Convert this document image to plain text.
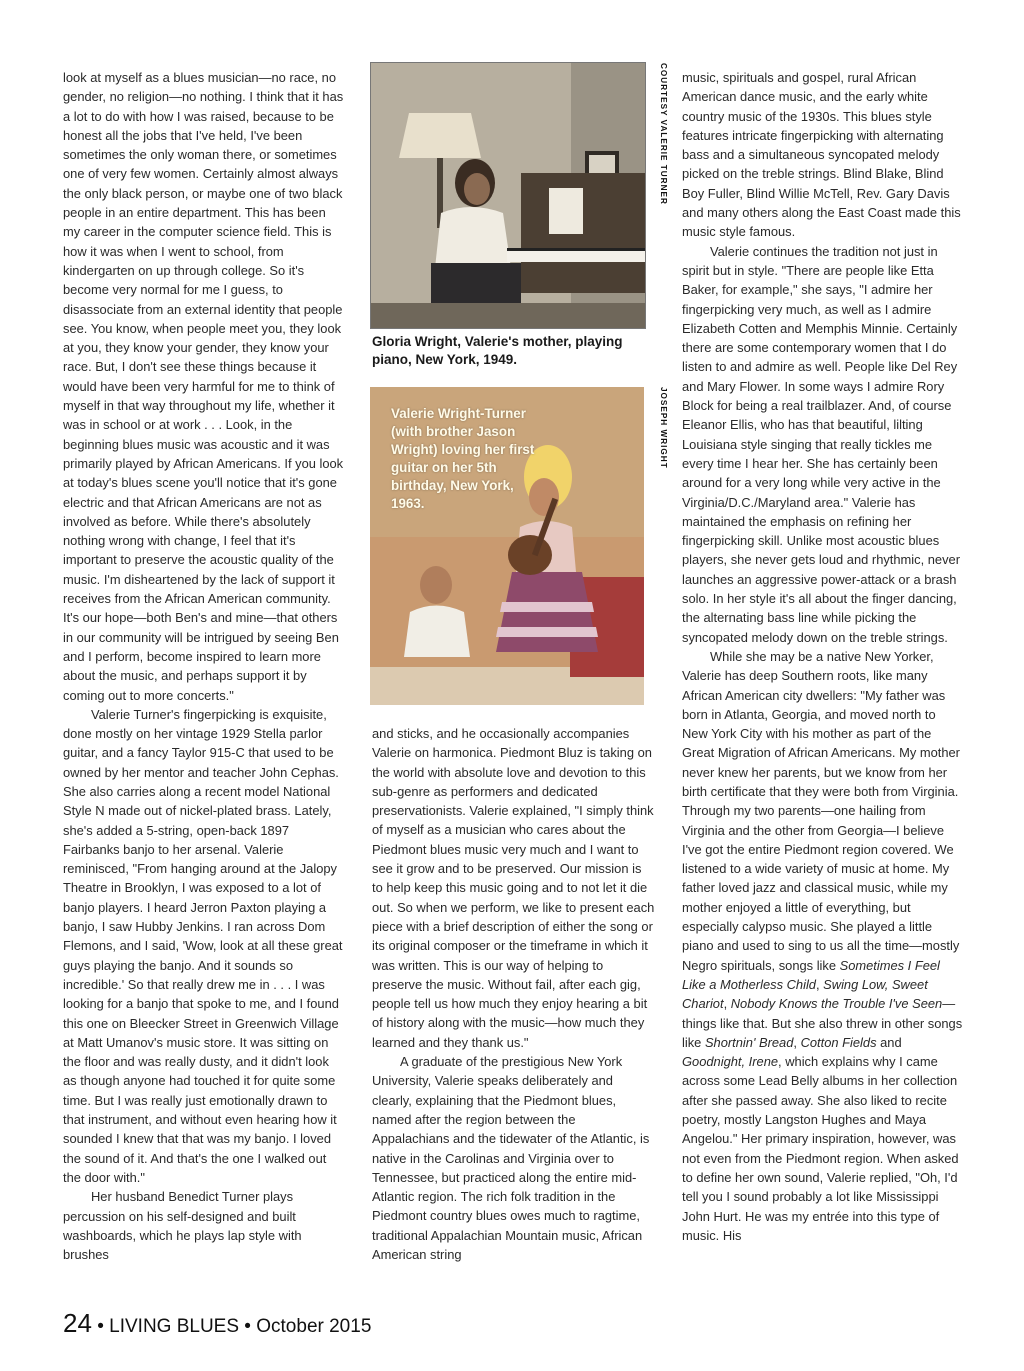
look at myself as a blues musician—no race, no gender, no religion—no nothing. I think that it has a lot to do with how I was raised, because to be honest all the jobs that I've held, I've been sometimes the only woman there, or sometimes one of very few women. Certainly almost always the only black person, or maybe one of two black people in an entire department. This has been my career in the computer science field. This is how it was when I went to school, from kindergarten on up through college. So it's become very normal for me I guess, to disassociate from an external identity that people see. You know, when people meet you, they look at you, they know your gender, they know your race. But, I don't see these things because it would have been very harmful for me to think of myself in that way throughout my life, whether it was in school or at work . . . Look, in the beginning blues music was acoustic and it was primarily played by African Americans. If you look at today's blues scene you'll notice that it's gone electric and that African Americans are not as involved as before. While there's absolutely nothing wrong with change, I feel that it's important to preserve the acoustic quality of the music. I'm disheartened by the lack of support it receives from the African American community. It's our hope—both Ben's and mine—that others in our community will be intrigued by seeing Ben and I perform, become inspired to learn more about the music, and perhaps support it by coming out to more concerts."

Valerie Turner's fingerpicking is exquisite, done mostly on her vintage 1929 Stella parlor guitar, and a fancy Taylor 915-C that used to be owned by her mentor and teacher John Cephas. She also carries along a recent model National Style N made out of nickel-plated brass. Lately, she's added a 5-string, open-back 1897 Fairbanks banjo to her arsenal. Valerie reminisced, "From hanging around at the Jalopy Theatre in Brooklyn, I was exposed to a lot of banjo players. I heard Jerron Paxton playing a banjo, I saw Hubby Jenkins. I ran across Dom Flemons, and I said, 'Wow, look at all these great guys playing the banjo. And it sounds so incredible.' So that really drew me in . . . I was looking for a banjo that spoke to me, and I found this one on Bleecker Street in Greenwich Village at Matt Umanov's music store. It was sitting on the floor and was really dusty, and it didn't look as though anyone had touched it for quite some time. But I was really just emotionally drawn to that instrument, and without even hearing how it sounded I knew that that was my banjo. I loved the sound of it. And that's the one I walked out the door with."

Her husband Benedict Turner plays percussion on his self-designed and built washboards, which he plays lap style with brushes

COURTESY VALERIE TURNER
Gloria Wright, Valerie's mother, playing piano, New York, 1949.
JOSEPH WRIGHT
Valerie Wright-Turner (with brother Jason Wright) loving her first guitar on her 5th birthday, New York, 1963.

and sticks, and he occasionally accompanies Valerie on harmonica. Piedmont Bluz is taking on the world with absolute love and devotion to this sub-genre as performers and dedicated preservationists. Valerie explained, "I simply think of myself as a musician who cares about the Piedmont blues music very much and I want to see it grow and to be preserved. Our mission is to help keep this music going and to not let it die out. So when we perform, we like to present each piece with a brief description of either the song or its original composer or the timeframe in which it was written. This is our way of helping to preserve the music. Without fail, after each gig, people tell us how much they enjoy hearing a bit of history along with the music—how much they learned and they thank us."

A graduate of the prestigious New York University, Valerie speaks deliberately and clearly, explaining that the Piedmont blues, named after the region between the Appalachians and the tidewater of the Atlantic, is native in the Carolinas and Virginia over to Tennessee, but practiced along the entire mid-Atlantic region. The rich folk tradition in the Piedmont country blues owes much to ragtime, traditional Appalachian Mountain music, African American string

music, spirituals and gospel, rural African American dance music, and the early white country music of the 1930s. This blues style features intricate fingerpicking with alternating bass and a simultaneous syncopated melody picked on the treble strings. Blind Blake, Blind Boy Fuller, Blind Willie McTell, Rev. Gary Davis and many others along the East Coast made this music style famous.

Valerie continues the tradition not just in spirit but in style. "There are people like Etta Baker, for example," she says, "I admire her fingerpicking very much, as well as I admire Elizabeth Cotten and Memphis Minnie. Certainly there are some contemporary women that I do listen to and admire as well. People like Del Rey and Mary Flower. In some ways I admire Rory Block for being a real trailblazer. And, of course Eleanor Ellis, who has that beautiful, lilting Louisiana style singing that really tickles me every time I hear her. She has certainly been around for a very long while very active in the Virginia/D.C./Maryland area." Valerie has maintained the emphasis on refining her fingerpicking skill. Unlike most acoustic blues players, she never gets loud and rhythmic, never launches an aggressive power-attack or a brash solo. In her style it's all about the finger dancing, the alternating bass line while picking the syncopated melody down on the treble strings.

While she may be a native New Yorker, Valerie has deep Southern roots, like many African American city dwellers: "My father was born in Atlanta, Georgia, and moved north to New York City with his mother as part of the Great Migration of African Americans. My mother never knew her parents, but we know from her birth certificate that they were both from Virginia. Through my two parents—one hailing from Virginia and the other from Georgia—I believe I've got the entire Piedmont region covered. We listened to a wide variety of music at home. My father loved jazz and classical music, while my mother enjoyed a little of everything, but especially calypso music. She played a little piano and used to sing to us all the time—mostly Negro spirituals, songs like Sometimes I Feel Like a Motherless Child, Swing Low, Sweet Chariot, Nobody Knows the Trouble I've Seen—things like that. But she also threw in other songs like Shortnin' Bread, Cotton Fields and Goodnight, Irene, which explains why I came across some Lead Belly albums in her collection after she passed away. She also liked to recite poetry, mostly Langston Hughes and Maya Angelou." Her primary inspiration, however, was not even from the Piedmont region. When asked to define her own sound, Valerie replied, "Oh, I'd tell you I sound probably a lot like Mississippi John Hurt. He was my entrée into this type of music. His

24 • LIVING BLUES • October 2015
